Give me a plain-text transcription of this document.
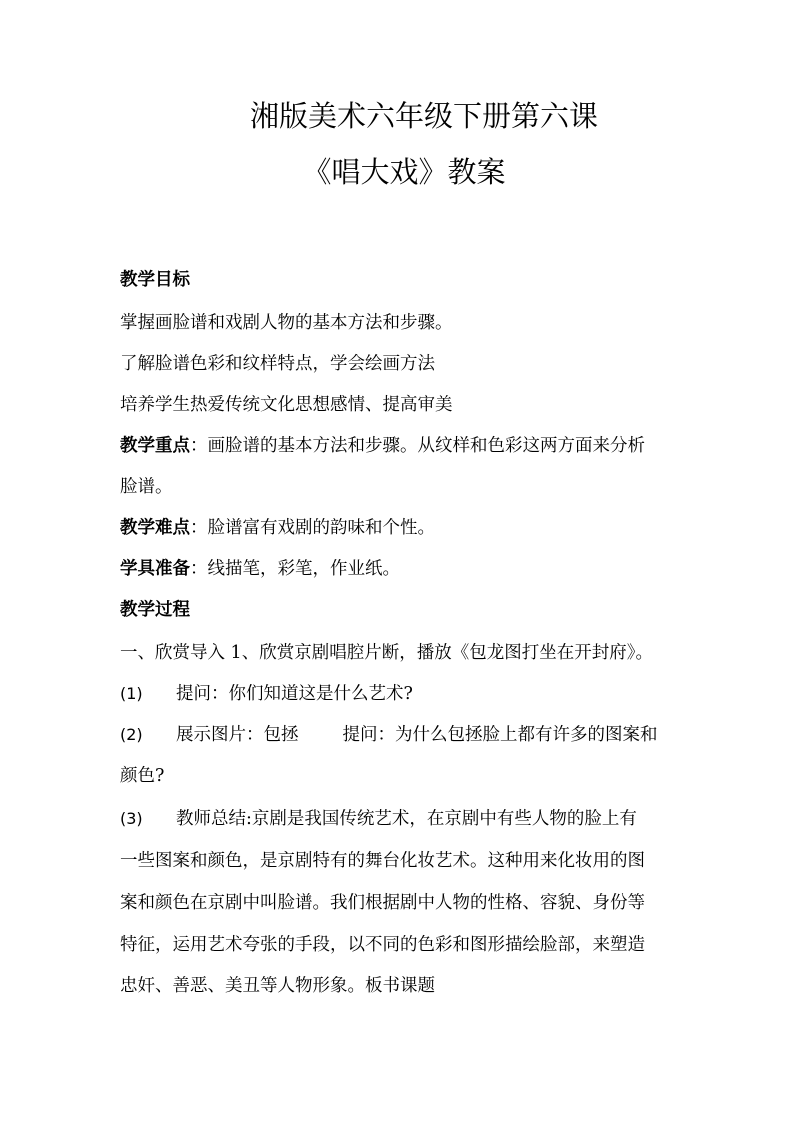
湘版美术六年级下册第六课
《唱大戏》教案
教学目标
掌握画脸谱和戏剧人物的基本方法和步骤。
了解脸谱色彩和纹样特点，学会绘画方法
培养学生热爱传统文化思想感情、提高审美
教学重点：画脸谱的基本方法和步骤。从纹样和色彩这两方面来分析
脸谱。
教学难点：脸谱富有戏剧的韵味和个性。
学具准备：线描笔，彩笔，作业纸。
教学过程
一、欣赏导入 1、欣赏京剧唱腔片断，播放《包龙图打坐在开封府》。
(1) 提问：你们知道这是什么艺术?
(2) 展示图片：包拯	提问：为什么包拯脸上都有许多的图案和
颜色?
(3) 教师总结:京剧是我国传统艺术，在京剧中有些人物的脸上有
一些图案和颜色，是京剧特有的舞台化妆艺术。这种用来化妆用的图
案和颜色在京剧中叫脸谱。我们根据剧中人物的性格、容貌、身份等
特征，运用艺术夸张的手段，以不同的色彩和图形描绘脸部，来塑造
忠奸、善恶、美丑等人物形象。板书课题
